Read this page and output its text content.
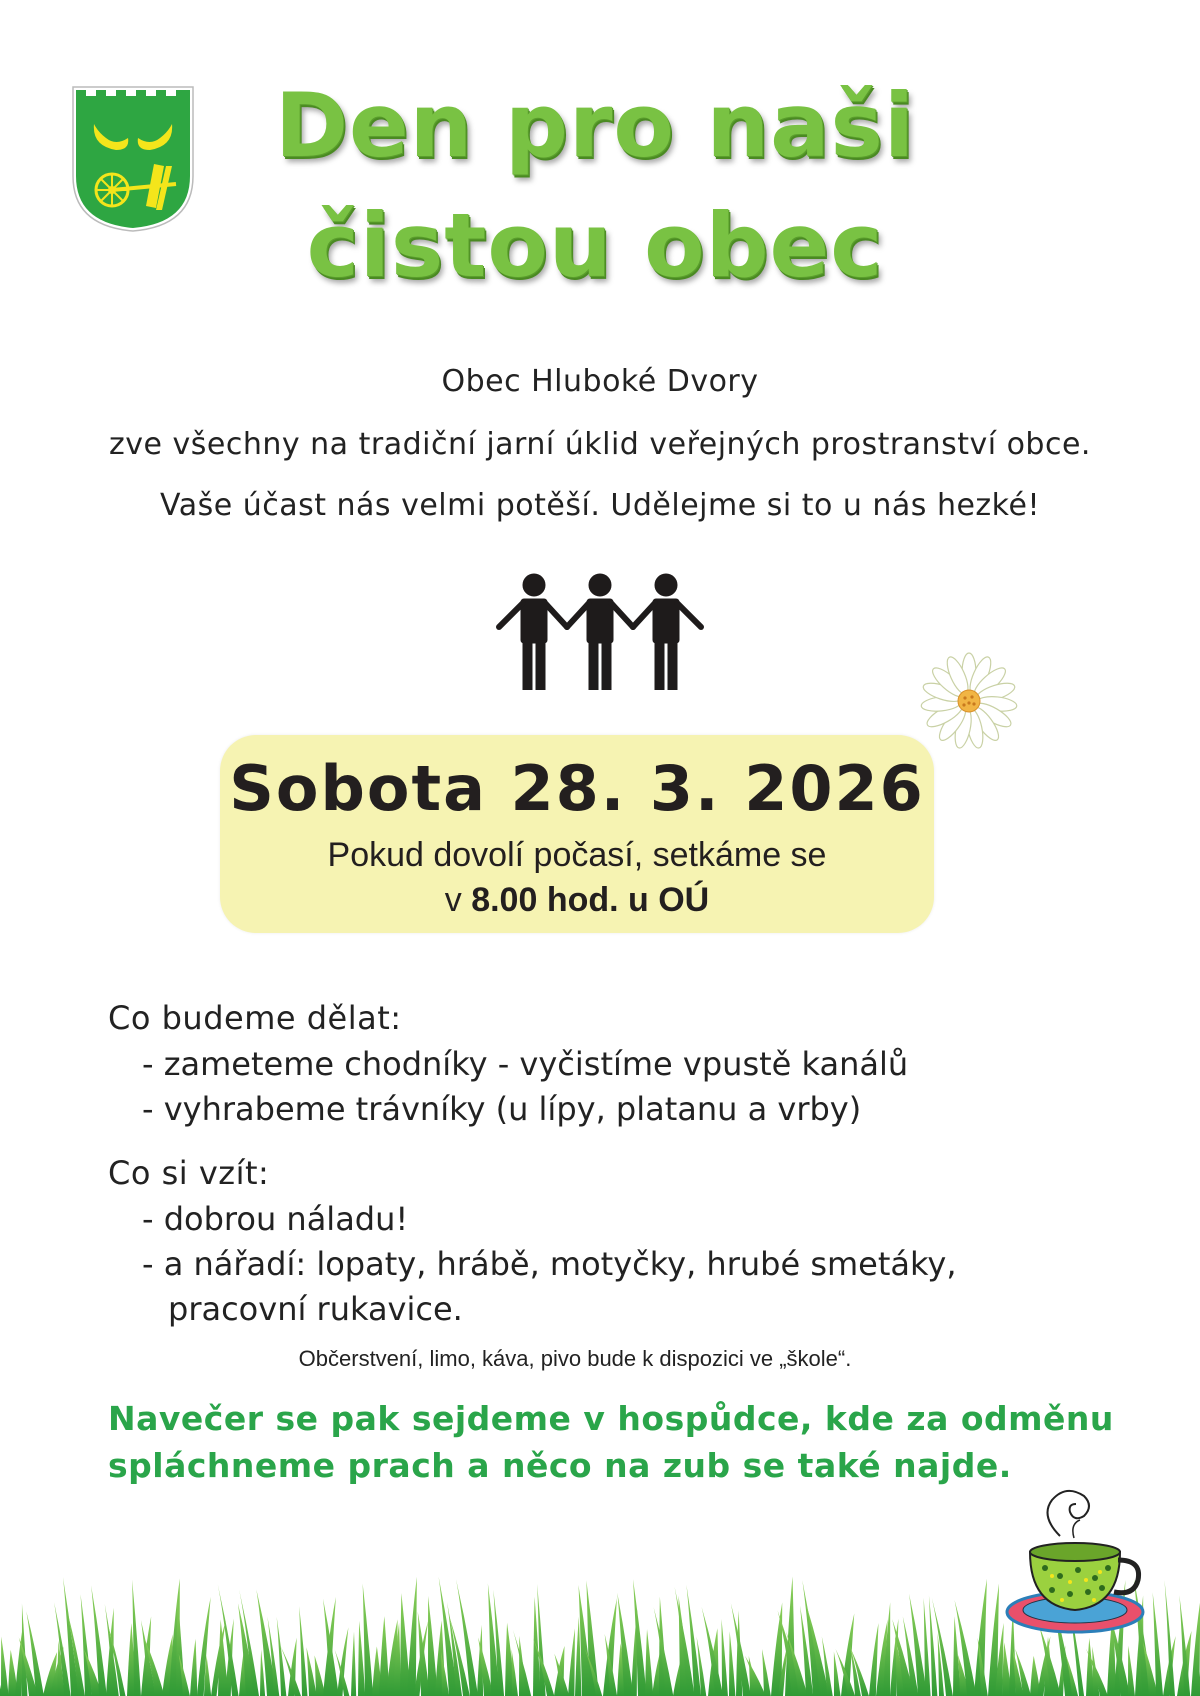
Den pro naši
čistou obec
Obec Hluboké Dvory
zve všechny na tradiční jarní úklid veřejných prostranství obce.
Vaše účast nás velmi potěší. Udělejme si to u nás hezké!
Sobota 28. 3. 2026
Pokud dovolí počasí, setkáme se
v 8.00 hod. u OÚ
Co budeme dělat:
- zameteme chodníky - vyčistíme vpustě kanálů
- vyhrabeme trávníky (u lípy, platanu a vrby)
Co si vzít:
- dobrou náladu!
- a nářadí: lopaty, hrábě, motyčky, hrubé smetáky,
pracovní rukavice.
Občerstvení, limo, káva, pivo bude k dispozici ve „škole“.
Navečer se pak sejdeme v hospůdce, kde za odměnu
spláchneme prach a něco na zub se také najde.
